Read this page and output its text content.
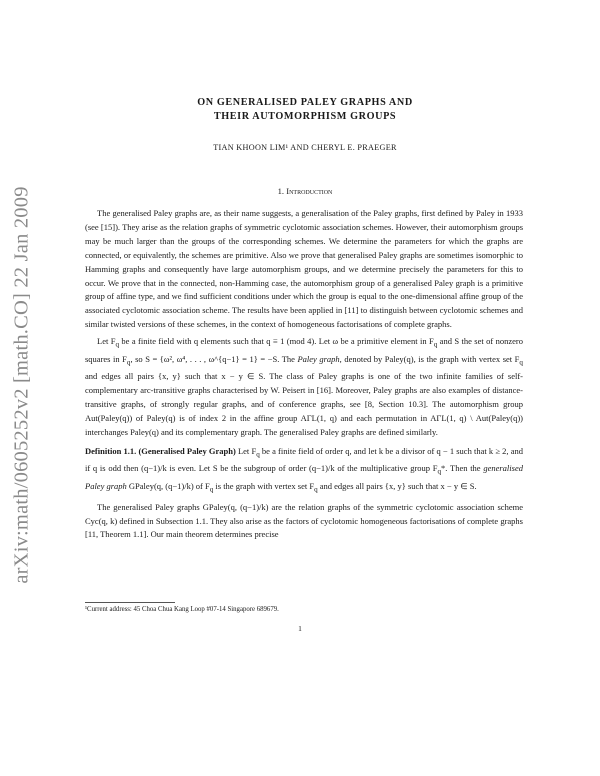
arXiv:math/0605252v2 [math.CO] 22 Jan 2009
ON GENERALISED PALEY GRAPHS AND
THEIR AUTOMORPHISM GROUPS
TIAN KHOON LIM¹ AND CHERYL E. PRAEGER
1. Introduction

The generalised Paley graphs are, as their name suggests, a generalisation of the Paley graphs, first defined by Paley in 1933 (see [15]). They arise as the relation graphs of symmetric cyclotomic association schemes. However, their automorphism groups may be much larger than the groups of the corresponding schemes. We determine the parameters for which the graphs are connected, or equivalently, the schemes are primitive. Also we prove that generalised Paley graphs are sometimes isomorphic to Hamming graphs and consequently have large automorphism groups, and we determine precisely the parameters for this to occur. We prove that in the connected, non-Hamming case, the automorphism group of a generalised Paley graph is a primitive group of affine type, and we find sufficient conditions under which the group is equal to the one-dimensional affine group of the associated cyclotomic association scheme. The results have been applied in [11] to distinguish between cyclotomic schemes and similar twisted versions of these schemes, in the context of homogeneous factorisations of complete graphs.

Let $F_q$ be a finite field with q elements such that q ≡ 1 (mod 4). Let ω be a primitive element in $F_q$ and S the set of nonzero squares in $F_q$, so S = {ω², ω⁴, . . . , ω^{q−1} = 1} = −S. The Paley graph, denoted by Paley(q), is the graph with vertex set $F_q$ and edges all pairs {x, y} such that x − y ∈ S. The class of Paley graphs is one of the two infinite families of self-complementary arc-transitive graphs characterised by W. Peisert in [16]. Moreover, Paley graphs are also examples of distance-transitive graphs, of strongly regular graphs, and of conference graphs, see [8, Section 10.3]. The automorphism group Aut(Paley(q)) of Paley(q) is of index 2 in the affine group AΓL(1, q) and each permutation in AΓL(1, q) \ Aut(Paley(q)) interchanges Paley(q) and its complementary graph. The generalised Paley graphs are defined similarly.

Definition 1.1. (Generalised Paley Graph) Let $F_q$ be a finite field of order q, and let k be a divisor of q − 1 such that k ≥ 2, and if q is odd then (q−1)/k is even. Let S be the subgroup of order (q−1)/k of the multiplicative group $F_q*$. Then the generalised Paley graph GPaley(q, (q−1)/k) of $F_q$ is the graph with vertex set $F_q$ and edges all pairs {x, y} such that x − y ∈ S.

The generalised Paley graphs GPaley(q, (q−1)/k) are the relation graphs of the symmetric cyclotomic association scheme Cyc(q, k) defined in Subsection 1.1. They also arise as the factors of cyclotomic homogeneous factorisations of complete graphs [11, Theorem 1.1]. Our main theorem determines precise

¹Current address: 45 Choa Chua Kang Loop #07-14 Singapore 689679.
1
